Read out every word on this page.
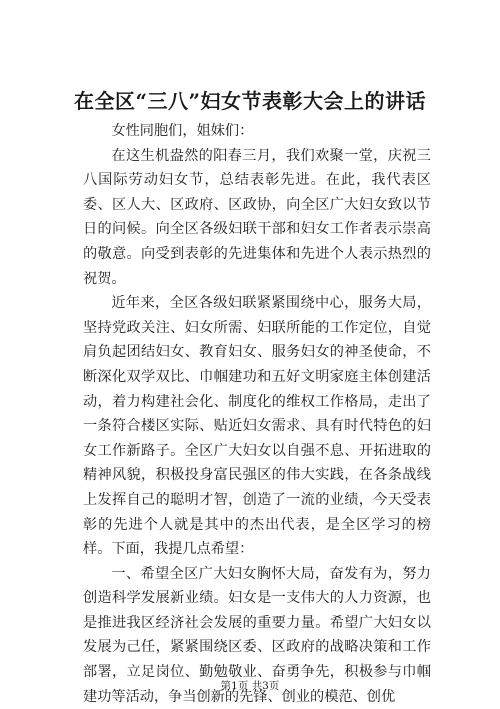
在全区“三八”妇女节表彰大会上的讲话

女性同胞们，姐妹们：

在这生机盎然的阳春三月，我们欢聚一堂，庆祝三八国际劳动妇女节，总结表彰先进。在此，我代表区委、区人大、区政府、区政协，向全区广大妇女致以节日的问候。向全区各级妇联干部和妇女工作者表示崇高的敬意。向受到表彰的先进集体和先进个人表示热烈的祝贺。

近年来，全区各级妇联紧紧围绕中心，服务大局，坚持党政关注、妇女所需、妇联所能的工作定位，自觉肩负起团结妇女、教育妇女、服务妇女的神圣使命，不断深化双学双比、巾帼建功和五好文明家庭主体创建活动，着力构建社会化、制度化的维权工作格局，走出了一条符合楼区实际、贴近妇女需求、具有时代特色的妇女工作新路子。全区广大妇女以自强不息、开拓进取的精神风貌，积极投身富民强区的伟大实践，在各条战线上发挥自己的聪明才智，创造了一流的业绩，今天受表彰的先进个人就是其中的杰出代表，是全区学习的榜样。下面，我提几点希望：

一、希望全区广大妇女胸怀大局，奋发有为，努力创造科学发展新业绩。妇女是一支伟大的人力资源，也是推进我区经济社会发展的重要力量。希望广大妇女以发展为己任，紧紧围绕区委、区政府的战略决策和工作部署，立足岗位、勤勉敬业、奋勇争先，积极参与巾帼建功等活动，争当创新的先锋、创业的模范、创优

第1页 共3页
